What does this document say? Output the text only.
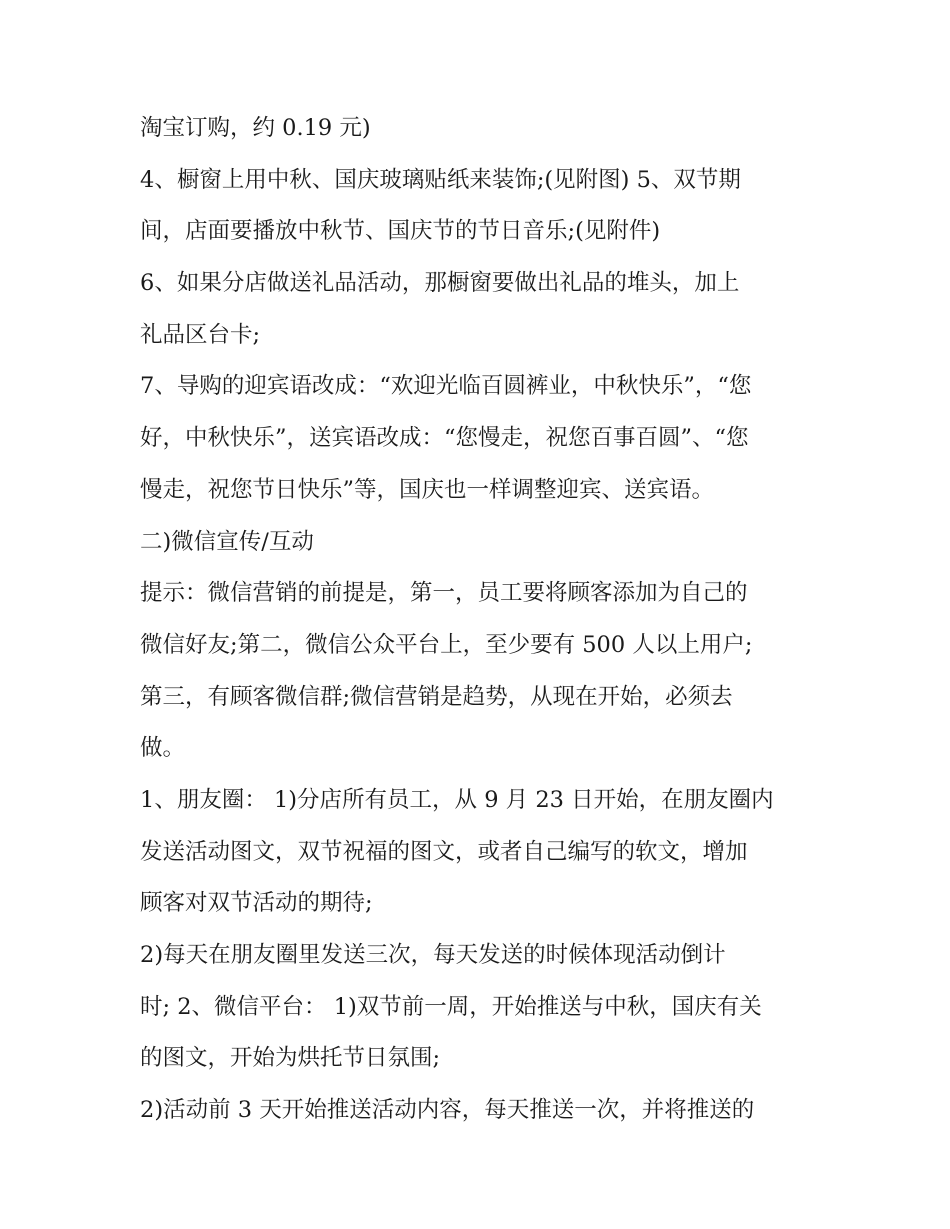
淘宝订购，约 0.19 元)
4、橱窗上用中秋、国庆玻璃贴纸来装饰;(见附图) 5、双节期
间，店面要播放中秋节、国庆节的节日音乐;(见附件)
6、如果分店做送礼品活动，那橱窗要做出礼品的堆头，加上
礼品区台卡;
7、导购的迎宾语改成：“欢迎光临百圆裤业，中秋快乐”，“您
好，中秋快乐”，送宾语改成：“您慢走，祝您百事百圆”、“您
慢走，祝您节日快乐”等，国庆也一样调整迎宾、送宾语。
二)微信宣传/互动
提示：微信营销的前提是，第一，员工要将顾客添加为自己的
微信好友;第二，微信公众平台上，至少要有 500 人以上用户;
第三，有顾客微信群;微信营销是趋势，从现在开始，必须去
做。
1、朋友圈： 1)分店所有员工，从 9 月 23 日开始，在朋友圈内
发送活动图文，双节祝福的图文，或者自己编写的软文，增加
顾客对双节活动的期待;
2)每天在朋友圈里发送三次，每天发送的时候体现活动倒计
时; 2、微信平台： 1)双节前一周，开始推送与中秋，国庆有关
的图文，开始为烘托节日氛围;
2)活动前 3 天开始推送活动内容，每天推送一次，并将推送的
